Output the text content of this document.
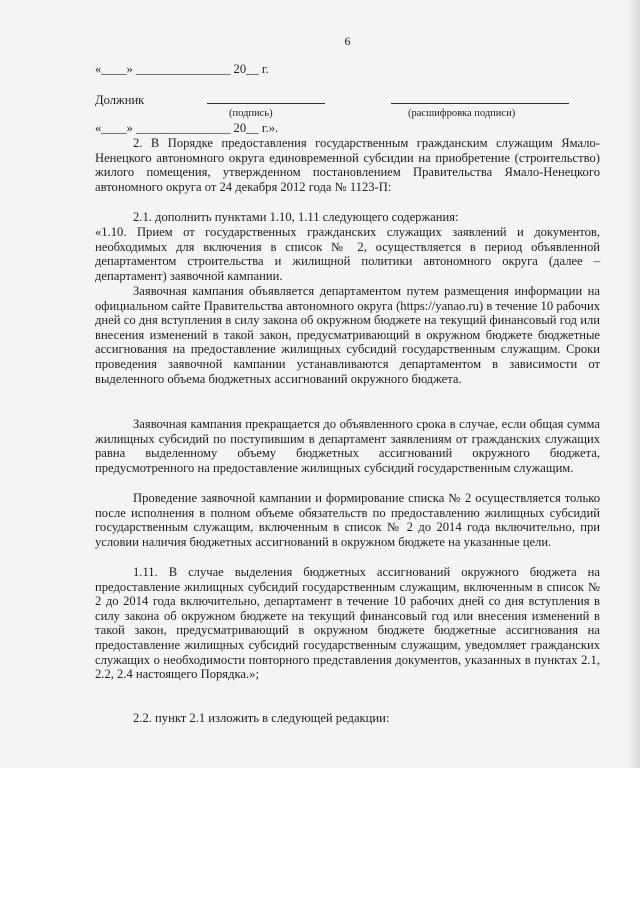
6
«____» _______________ 20__ г.
Должник
(подпись)	(расшифровка подписи)
«____» _______________ 20__ г.».
2. В Порядке предоставления государственным гражданским служащим Ямало-Ненецкого автономного округа единовременной субсидии на приобретение (строительство) жилого помещения, утвержденном постановлением Правительства Ямало-Ненецкого автономного округа от 24 декабря 2012 года № 1123-П:
2.1. дополнить пунктами 1.10, 1.11 следующего содержания:
«1.10. Прием от государственных гражданских служащих заявлений и документов, необходимых для включения в список № 2, осуществляется в период объявленной департаментом строительства и жилищной политики автономного округа (далее – департамент) заявочной кампании.
Заявочная кампания объявляется департаментом путем размещения информации на официальном сайте Правительства автономного округа (https://yanao.ru) в течение 10 рабочих дней со дня вступления в силу закона об окружном бюджете на текущий финансовый год или внесения изменений в такой закон, предусматривающий в окружном бюджете бюджетные ассигнования на предоставление жилищных субсидий государственным служащим. Сроки проведения заявочной кампании устанавливаются департаментом в зависимости от выделенного объема бюджетных ассигнований окружного бюджета.
Заявочная кампания прекращается до объявленного срока в случае, если общая сумма жилищных субсидий по поступившим в департамент заявлениям от гражданских служащих равна выделенному объему бюджетных ассигнований окружного бюджета, предусмотренного на предоставление жилищных субсидий государственным служащим.
Проведение заявочной кампании и формирование списка № 2 осуществляется только после исполнения в полном объеме обязательств по предоставлению жилищных субсидий государственным служащим, включенным в список № 2 до 2014 года включительно, при условии наличия бюджетных ассигнований в окружном бюджете на указанные цели.
1.11. В случае выделения бюджетных ассигнований окружного бюджета на предоставление жилищных субсидий государственным служащим, включенным в список № 2 до 2014 года включительно, департамент в течение 10 рабочих дней со дня вступления в силу закона об окружном бюджете на текущий финансовый год или внесения изменений в такой закон, предусматривающий в окружном бюджете бюджетные ассигнования на предоставление жилищных субсидий государственным служащим, уведомляет гражданских служащих о необходимости повторного представления документов, указанных в пунктах 2.1, 2.2, 2.4 настоящего Порядка.»;
2.2. пункт 2.1 изложить в следующей редакции:
